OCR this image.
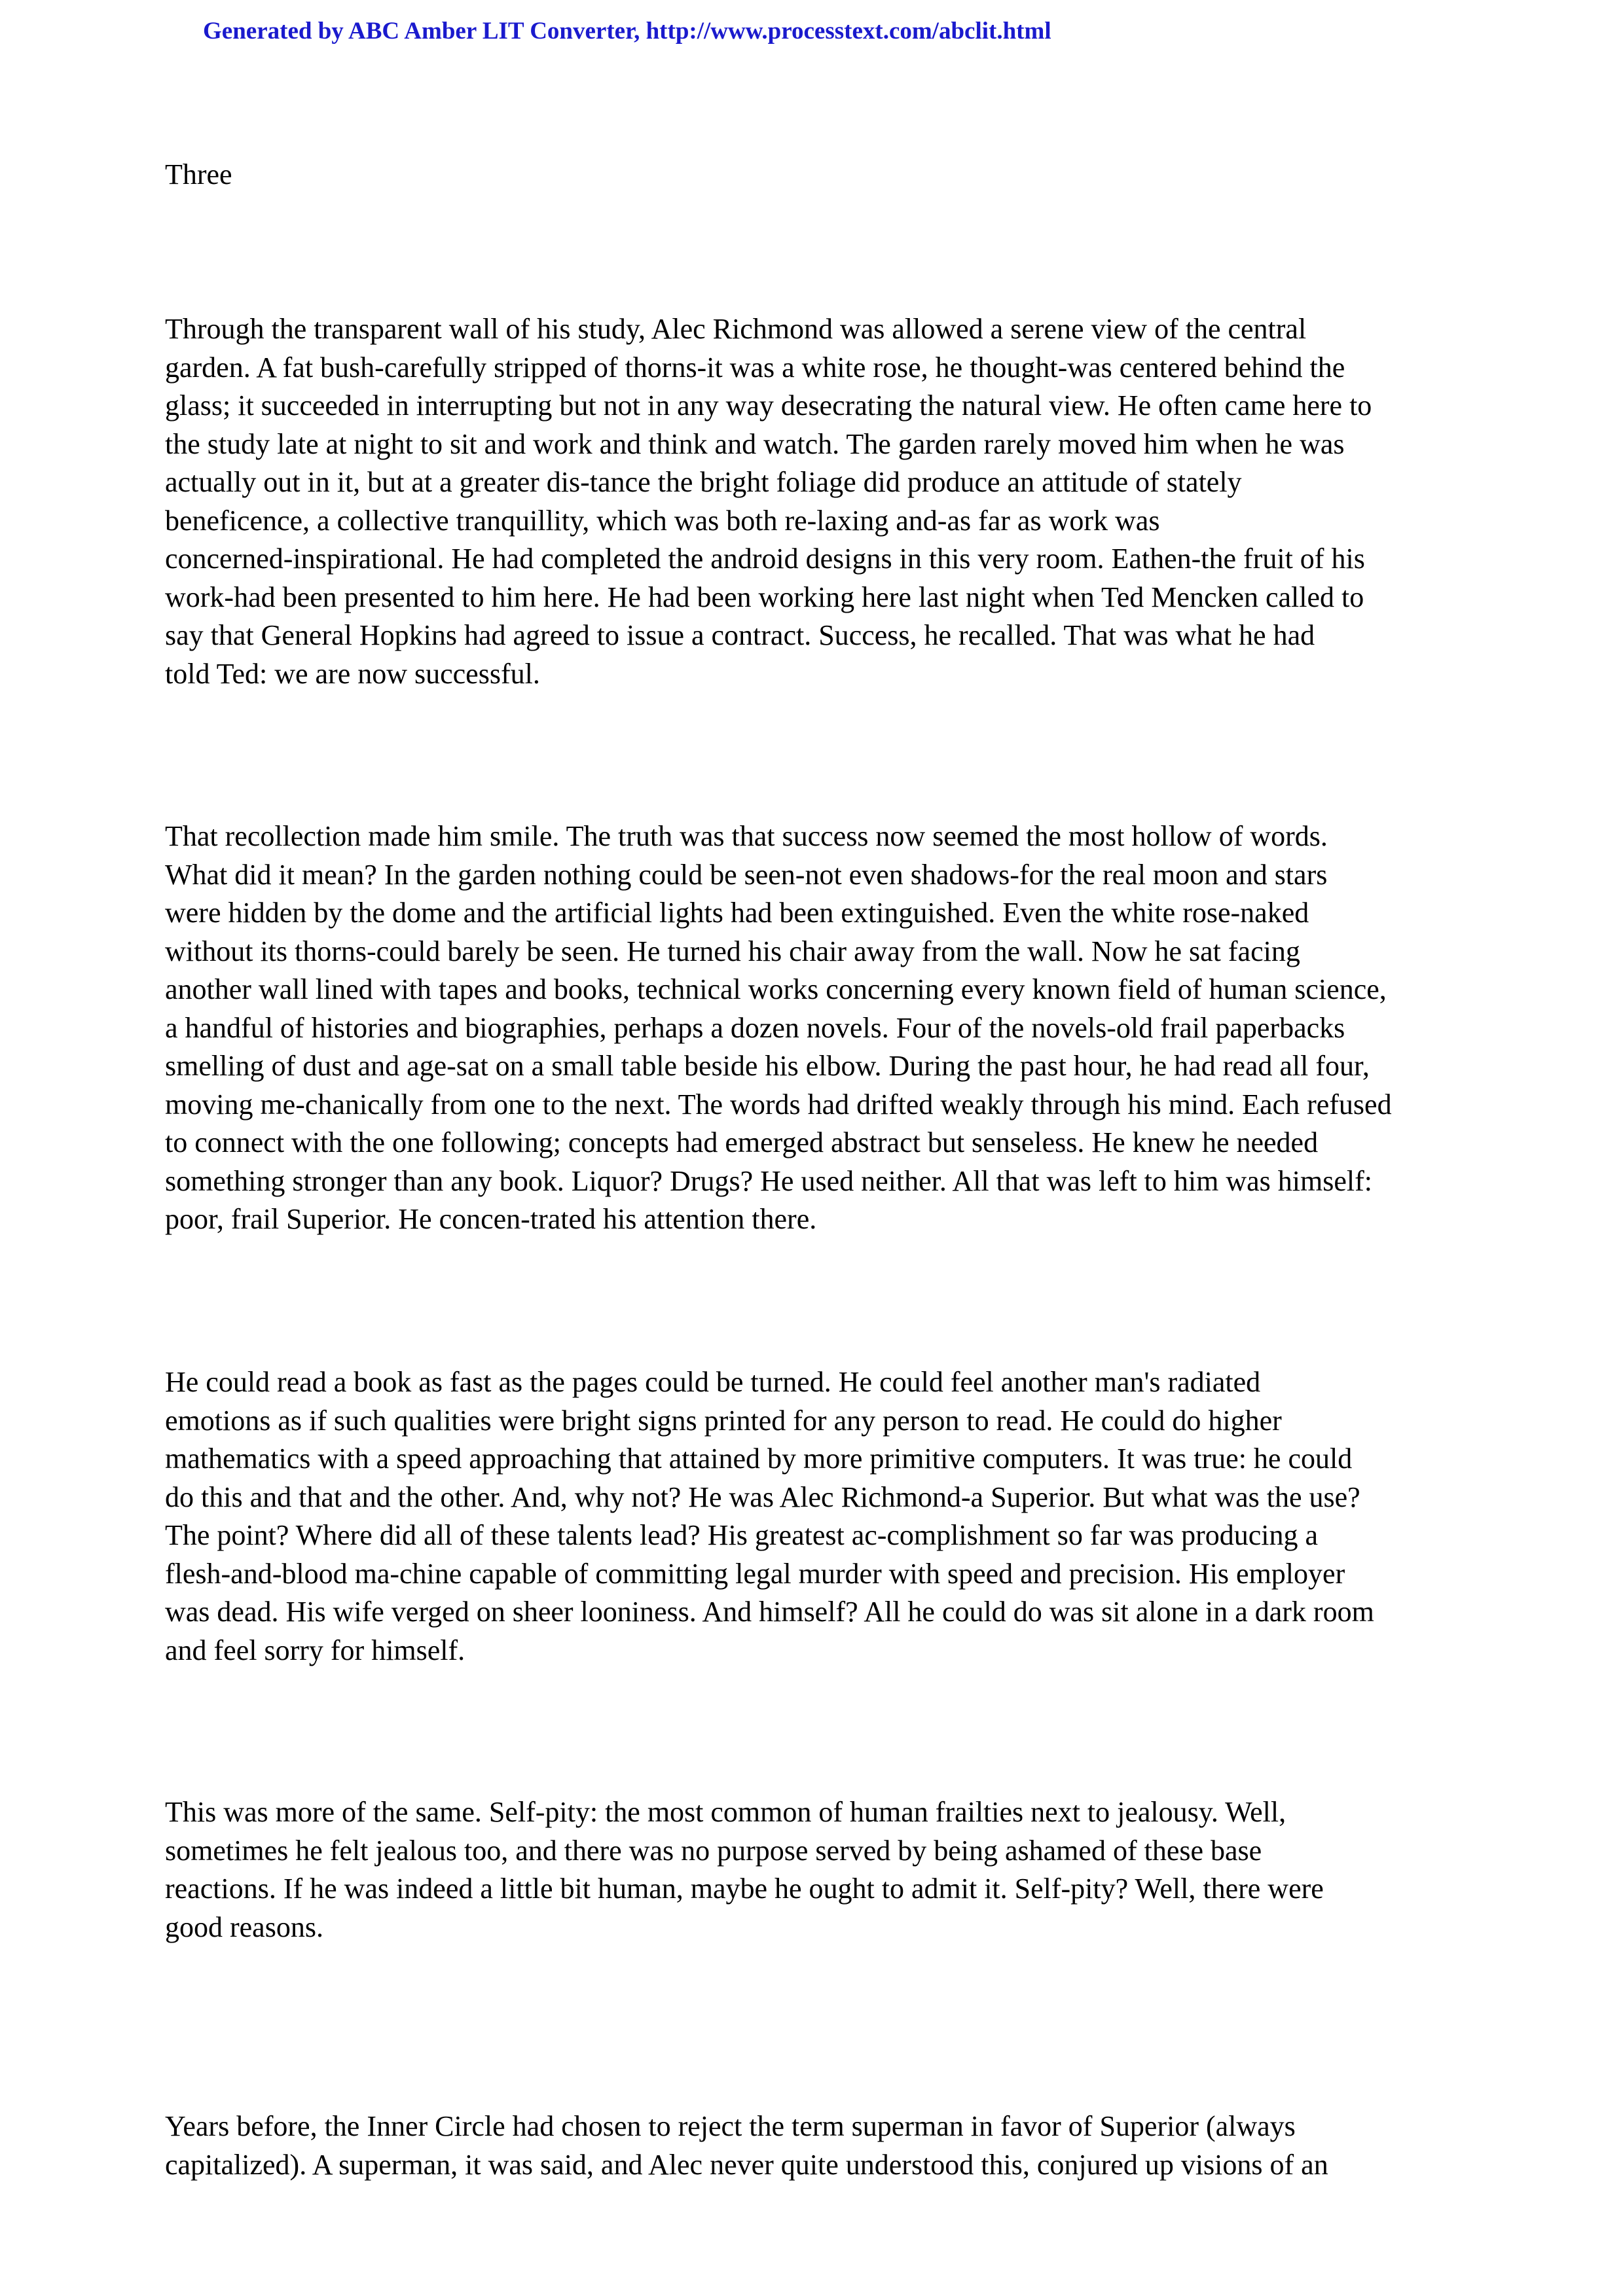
Generated by ABC Amber LIT Converter, http://www.processtext.com/abclit.html
Three
Through the transparent wall of his study, Alec Richmond was allowed a serene view of the central
garden. A fat bush-carefully stripped of thorns-it was a white rose, he thought-was centered behind the
glass; it succeeded in interrupting but not in any way desecrating the natural view. He often came here to
the study late at night to sit and work and think and watch. The garden rarely moved him when he was
actually out in it, but at a greater dis-tance the bright foliage did produce an attitude of stately
beneficence, a collective tranquillity, which was both re-laxing and-as far as work was
concerned-inspirational. He had completed the android designs in this very room. Eathen-the fruit of his
work-had been presented to him here. He had been working here last night when Ted Mencken called to
say that General Hopkins had agreed to issue a contract. Success, he recalled. That was what he had
told Ted: we are now successful.
That recollection made him smile. The truth was that success now seemed the most hollow of words.
What did it mean? In the garden nothing could be seen-not even shadows-for the real moon and stars
were hidden by the dome and the artificial lights had been extinguished. Even the white rose-naked
without its thorns-could barely be seen. He turned his chair away from the wall. Now he sat facing
another wall lined with tapes and books, technical works concerning every known field of human science,
a handful of histories and biographies, perhaps a dozen novels. Four of the novels-old frail paperbacks
smelling of dust and age-sat on a small table beside his elbow. During the past hour, he had read all four,
moving me-chanically from one to the next. The words had drifted weakly through his mind. Each refused
to connect with the one following; concepts had emerged abstract but senseless. He knew he needed
something stronger than any book. Liquor? Drugs? He used neither. All that was left to him was himself:
poor, frail Superior. He concen-trated his attention there.
He could read a book as fast as the pages could be turned. He could feel another man's radiated
emotions as if such qualities were bright signs printed for any person to read. He could do higher
mathematics with a speed approaching that attained by more primitive computers. It was true: he could
do this and that and the other. And, why not? He was Alec Richmond-a Superior. But what was the use?
The point? Where did all of these talents lead? His greatest ac-complishment so far was producing a
flesh-and-blood ma-chine capable of committing legal murder with speed and precision. His employer
was dead. His wife verged on sheer looniness. And himself? All he could do was sit alone in a dark room
and feel sorry for himself.
This was more of the same. Self-pity: the most common of human frailties next to jealousy. Well,
sometimes he felt jealous too, and there was no purpose served by being ashamed of these base
reactions. If he was indeed a little bit human, maybe he ought to admit it. Self-pity? Well, there were
good reasons.
Years before, the Inner Circle had chosen to reject the term superman in favor of Superior (always
capitalized). A superman, it was said, and Alec never quite understood this, conjured up visions of an
